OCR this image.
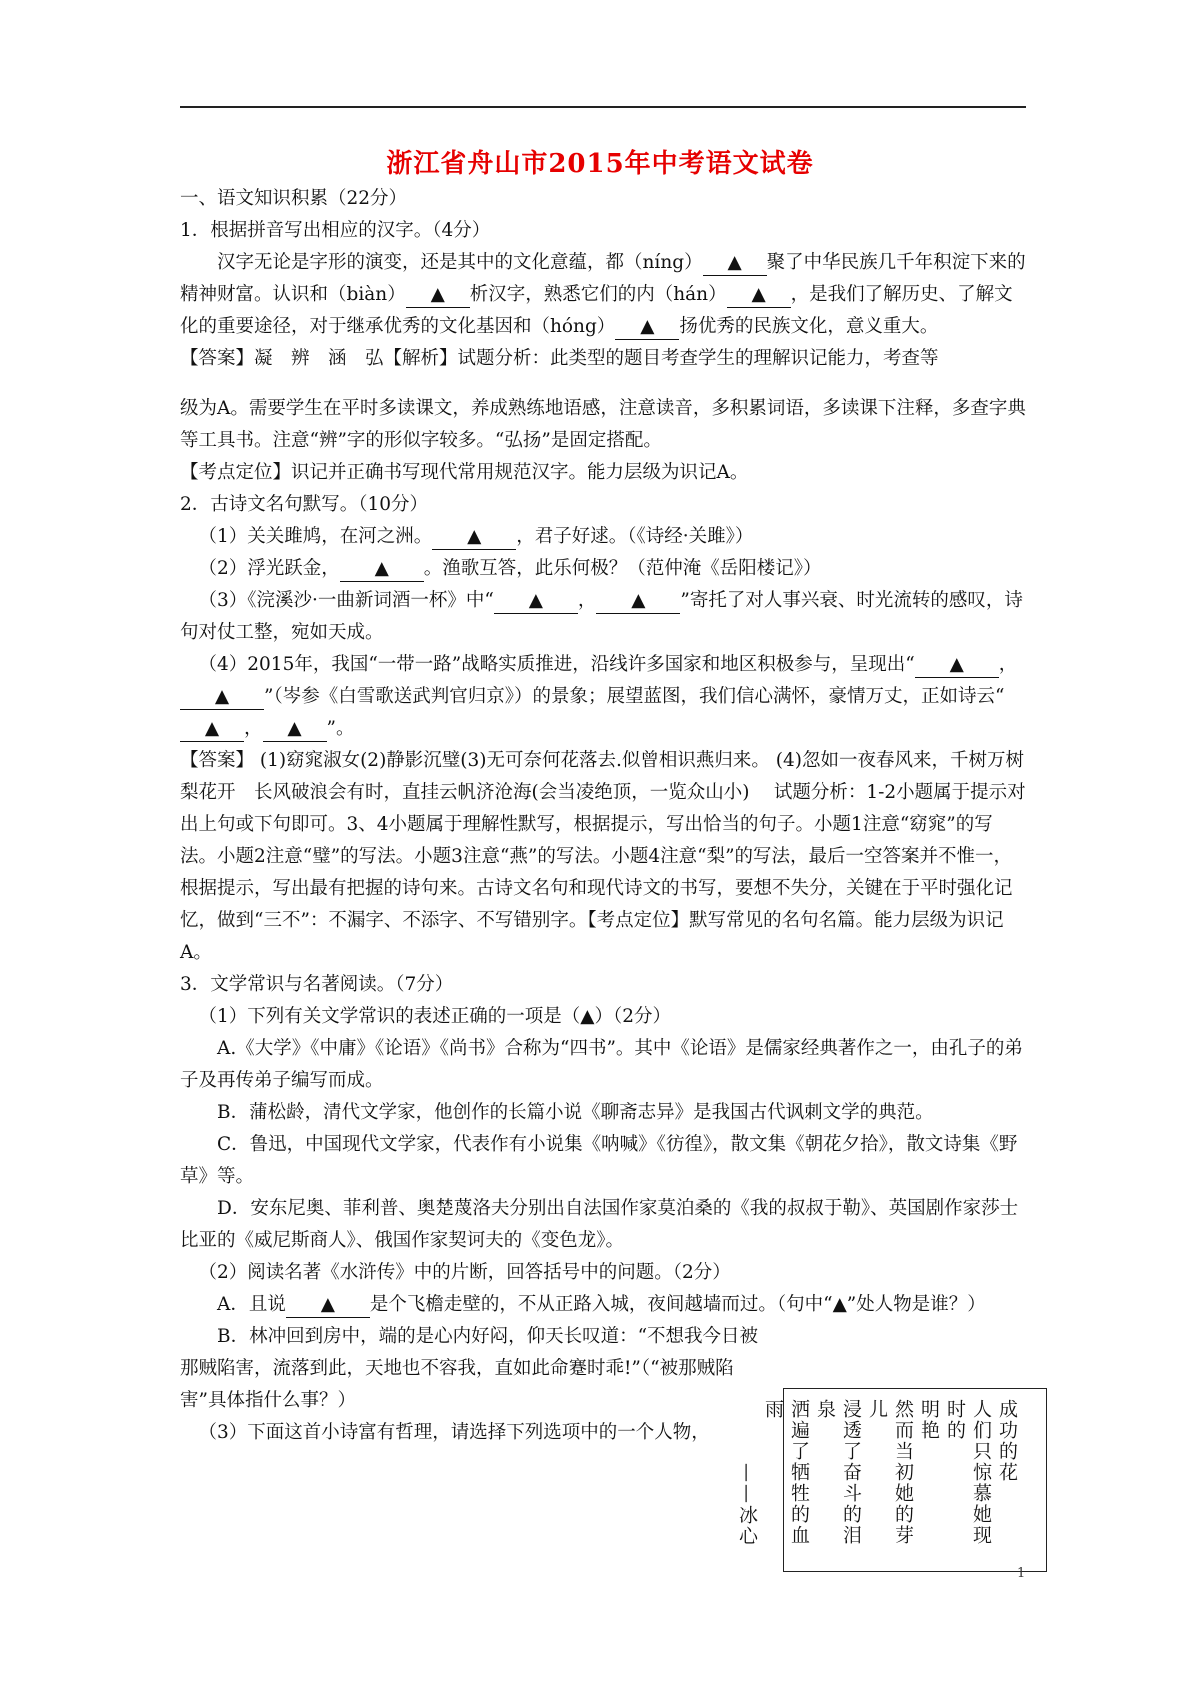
浙江省舟山市2015年中考语文试卷

一、语文知识积累（22分）

1．根据拼音写出相应的汉字。（4分）

汉字无论是字形的演变，还是其中的文化意蕴，都（níng） ▲ 聚了中华民族几千年积淀下来的精神财富。认识和（biàn） ▲ 析汉字，熟悉它们的内（hán） ▲ ，是我们了解历史、了解文化的重要途径，对于继承优秀的文化基因和（hóng） ▲ 扬优秀的民族文化，意义重大。

【答案】凝　辨　涵　弘【解析】试题分析：此类型的题目考查学生的理解识记能力，考查等

级为A。需要学生在平时多读课文，养成熟练地语感，注意读音，多积累词语，多读课下注释，多查字典等工具书。注意“辨”字的形似字较多。“弘扬”是固定搭配。

【考点定位】识记并正确书写现代常用规范汉字。能力层级为识记A。

2．古诗文名句默写。（10分）

（1）关关雎鸠，在河之洲。 ▲ ，君子好逑。（《诗经·关雎》）

（2）浮光跃金， ▲ 。渔歌互答，此乐何极？（范仲淹《岳阳楼记》）

（3）《浣溪沙·一曲新词酒一杯》中“ ▲ ， ▲ ”寄托了对人事兴衰、时光流转的感叹，诗句对仗工整，宛如天成。

（4）2015年，我国“一带一路”战略实质推进，沿线许多国家和地区积极参与，呈现出“ ▲ ，▲ ”（岑参《白雪歌送武判官归京》）的景象；展望蓝图，我们信心满怀，豪情万丈，正如诗云“▲ ， ▲ ”。

【答案】 (1)窈窕淑女(2)静影沉璧(3)无可奈何花落去.似曾相识燕归来。 (4)忽如一夜春风来，千树万树梨花开　长风破浪会有时，直挂云帆济沧海(会当凌绝顶，一览众山小)　 试题分析：1-2小题属于提示对出上句或下句即可。3、4小题属于理解性默写，根据提示，写出恰当的句子。小题1注意“窈窕”的写法。小题2注意“璧”的写法。小题3注意“燕”的写法。小题4注意“梨”的写法，最后一空答案并不惟一，根据提示，写出最有把握的诗句来。古诗文名句和现代诗文的书写，要想不失分，关键在于平时强化记忆，做到“三不”：不漏字、不添字、不写错别字。【考点定位】默写常见的名句名篇。能力层级为识记A。

3．文学常识与名著阅读。（7分）

（1）下列有关文学常识的表述正确的一项是（▲）（2分）

A.《大学》《中庸》《论语》《尚书》合称为“四书”。其中《论语》是儒家经典著作之一，由孔子的弟子及再传弟子编写而成。

B．蒲松龄，清代文学家，他创作的长篇小说《聊斋志异》是我国古代讽刺文学的典范。

C．鲁迅，中国现代文学家，代表作有小说集《呐喊》《彷徨》，散文集《朝花夕拾》，散文诗集《野草》等。

D．安东尼奥、菲利普、奥楚蔑洛夫分别出自法国作家莫泊桑的《我的叔叔于勒》、英国剧作家莎士比亚的《威尼斯商人》、俄国作家契诃夫的《变色龙》。

（2）阅读名著《水浒传》中的片断，回答括号中的问题。（2分）

A．且说 ▲ 是个飞檐走壁的，不从正路入城，夜间越墙而过。（句中“▲”处人物是谁？）

B．林冲回到房中，端的是心内好闷，仰天长叹道：“不想我今日被那贼陷害，流落到此，天地也不容我，直如此命蹇时乖!”（“被那贼陷害”具体指什么事？）

（3）下面这首小诗富有哲理，请选择下列选项中的一个人物，	成功的花
人们只惊慕她现时的
明艳
然而当初她的芽儿
浸透了奋斗的泪泉
洒遍了牺牲的血雨
——冰心
1
